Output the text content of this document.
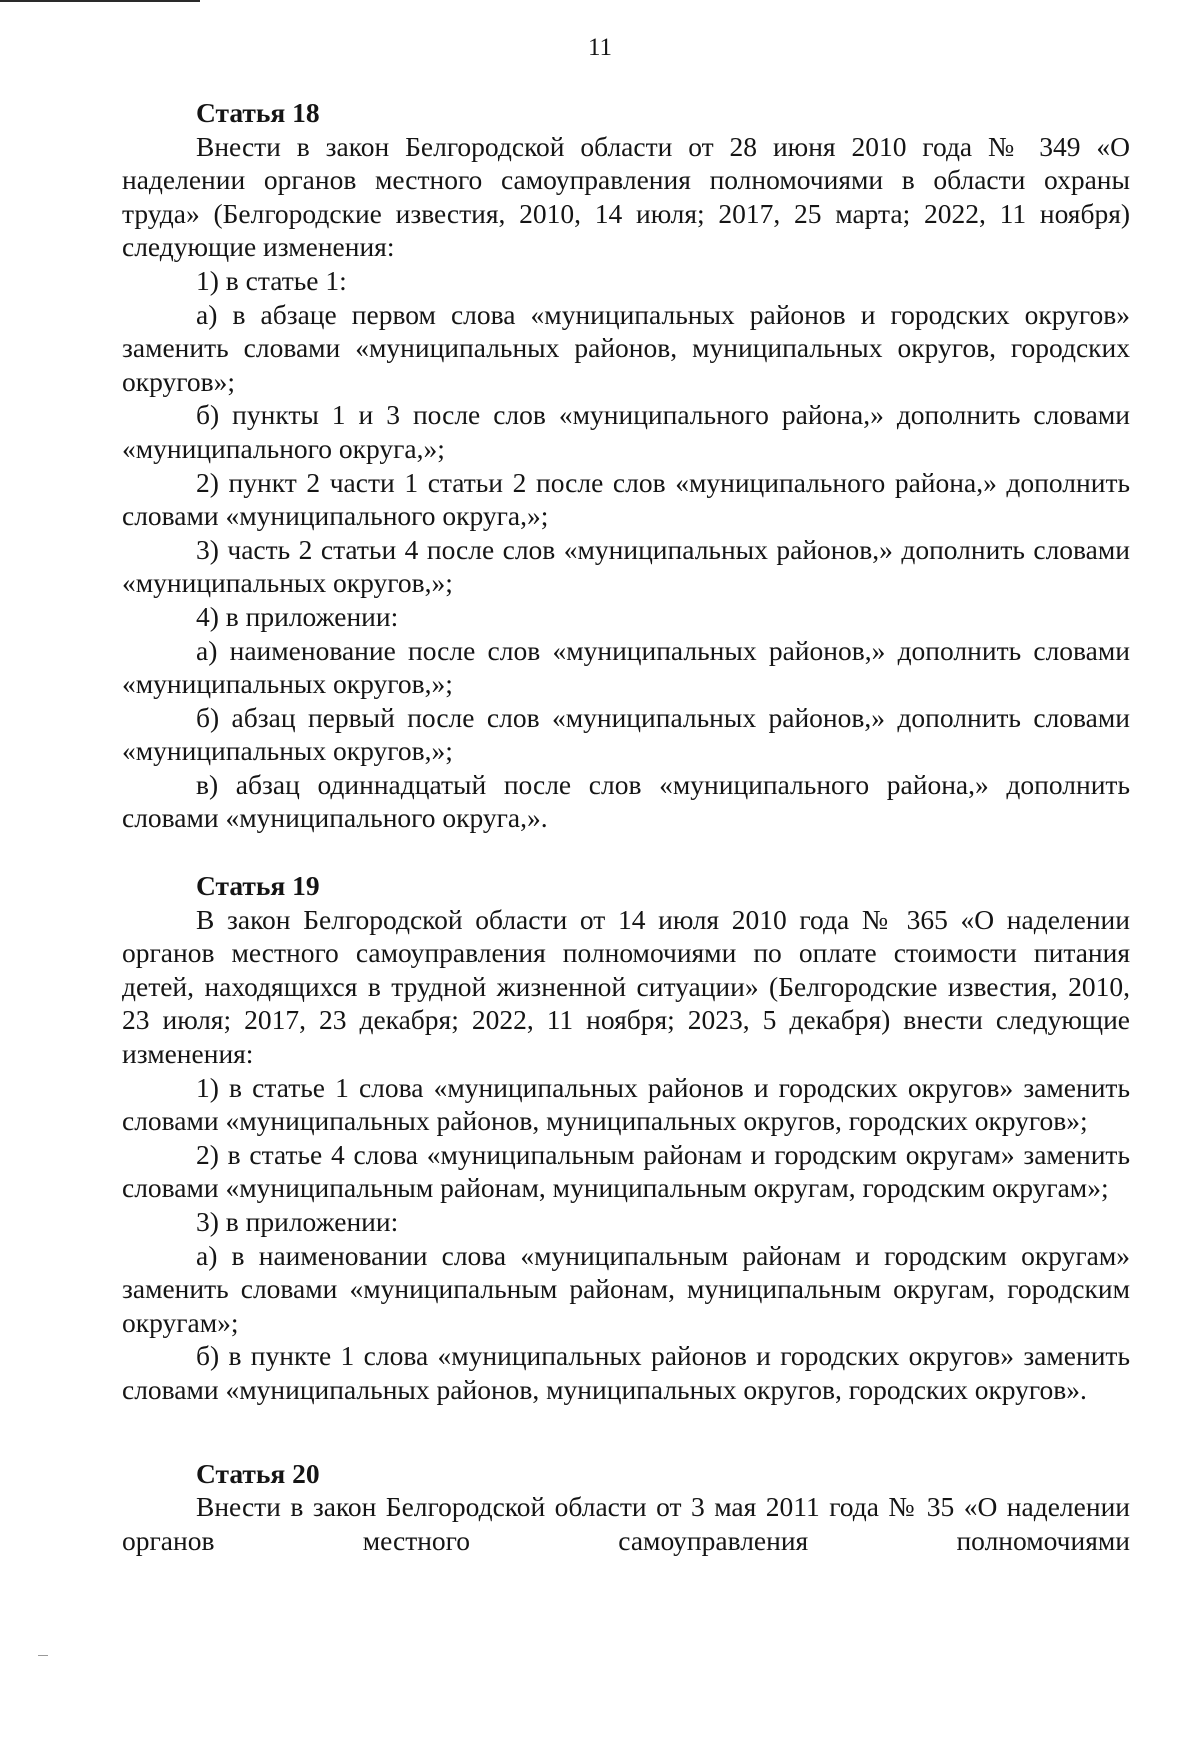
11

Статья 18

Внести в закон Белгородской области от 28 июня 2010 года № 349 «О наделении органов местного самоуправления полномочиями в области охраны труда» (Белгородские известия, 2010, 14 июля; 2017, 25 марта; 2022, 11 ноября) следующие изменения:

1) в статье 1:

а) в абзаце первом слова «муниципальных районов и городских округов» заменить словами «муниципальных районов, муниципальных округов, городских округов»;

б) пункты 1 и 3 после слов «муниципального района,» дополнить словами «муниципального округа,»;

2) пункт 2 части 1 статьи 2 после слов «муниципального района,» дополнить словами «муниципального округа,»;

3) часть 2 статьи 4 после слов «муниципальных районов,» дополнить словами «муниципальных округов,»;

4) в приложении:

а) наименование после слов «муниципальных районов,» дополнить словами «муниципальных округов,»;

б) абзац первый после слов «муниципальных районов,» дополнить словами «муниципальных округов,»;

в) абзац одиннадцатый после слов «муниципального района,» дополнить словами «муниципального округа,».

Статья 19

В закон Белгородской области от 14 июля 2010 года № 365 «О наделении органов местного самоуправления полномочиями по оплате стоимости питания детей, находящихся в трудной жизненной ситуации» (Белгородские известия, 2010, 23 июля; 2017, 23 декабря; 2022, 11 ноября; 2023, 5 декабря) внести следующие изменения:

1) в статье 1 слова «муниципальных районов и городских округов» заменить словами «муниципальных районов, муниципальных округов, городских округов»;

2) в статье 4 слова «муниципальным районам и городским округам» заменить словами «муниципальным районам, муниципальным округам, городским округам»;

3) в приложении:

а) в наименовании слова «муниципальным районам и городским округам» заменить словами «муниципальным районам, муниципальным округам, городским округам»;

б) в пункте 1 слова «муниципальных районов и городских округов» заменить словами «муниципальных районов, муниципальных округов, городских округов».

Статья 20

Внести в закон Белгородской области от 3 мая 2011 года № 35 «О наделении органов местного самоуправления полномочиями
